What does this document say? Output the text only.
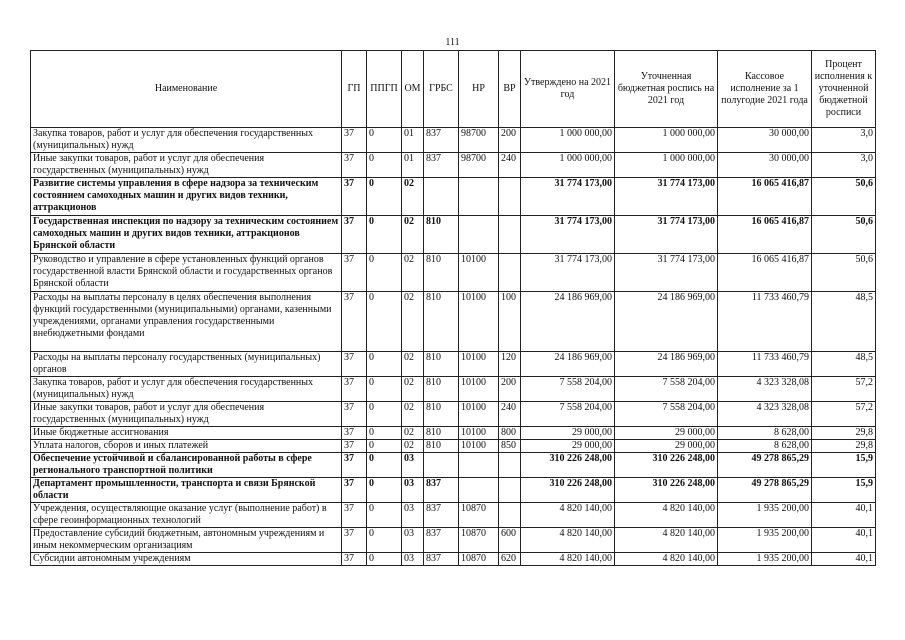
111
Наименование	ГП	ППГП	ОМ	ГРБС	НР	ВР	Утверждено на 2021 год	Уточненная бюджетная роспись на 2021 год	Кассовое исполнение за 1 полугодие 2021 года	Процент исполнения к уточненной бюджетной росписи
Закупка товаров, работ и услуг для обеспечения государственных (муниципальных) нужд	37	0	01	837	98700	200	1 000 000,00	1 000 000,00	30 000,00	3,0
Иные закупки товаров, работ и услуг для обеспечения государственных (муниципальных) нужд	37	0	01	837	98700	240	1 000 000,00	1 000 000,00	30 000,00	3,0
Развитие системы управления в сфере надзора за техническим состоянием самоходных машин и других видов техники, аттракционов	37	0	02				31 774 173,00	31 774 173,00	16 065 416,87	50,6
Государственная инспекция по надзору за техническим состоянием самоходных машин и других видов техники, аттракционов Брянской области	37	0	02	810			31 774 173,00	31 774 173,00	16 065 416,87	50,6
Руководство и управление в сфере установленных функций органов государственной власти Брянской области и государственных органов Брянской области	37	0	02	810	10100		31 774 173,00	31 774 173,00	16 065 416,87	50,6
Расходы на выплаты персоналу в целях обеспечения выполнения функций государственными (муниципальными) органами, казенными учреждениями, органами управления государственными внебюджетными фондами	37	0	02	810	10100	100	24 186 969,00	24 186 969,00	11 733 460,79	48,5
Расходы на выплаты персоналу государственных (муниципальных) органов	37	0	02	810	10100	120	24 186 969,00	24 186 969,00	11 733 460,79	48,5
Закупка товаров, работ и услуг для обеспечения государственных (муниципальных) нужд	37	0	02	810	10100	200	7 558 204,00	7 558 204,00	4 323 328,08	57,2
Иные закупки товаров, работ и услуг для обеспечения государственных (муниципальных) нужд	37	0	02	810	10100	240	7 558 204,00	7 558 204,00	4 323 328,08	57,2
Иные бюджетные ассигнования	37	0	02	810	10100	800	29 000,00	29 000,00	8 628,00	29,8
Уплата налогов, сборов и иных платежей	37	0	02	810	10100	850	29 000,00	29 000,00	8 628,00	29,8
Обеспечение устойчивой и сбалансированной работы в сфере регионального транспортной политики	37	0	03				310 226 248,00	310 226 248,00	49 278 865,29	15,9
Департамент промышленности, транспорта и связи Брянской области	37	0	03	837			310 226 248,00	310 226 248,00	49 278 865,29	15,9
Учреждения, осуществляющие оказание услуг (выполнение работ) в сфере геоинформационных технологий	37	0	03	837	10870		4 820 140,00	4 820 140,00	1 935 200,00	40,1
Предоставление субсидий бюджетным, автономным учреждениям и иным некоммерческим организациям	37	0	03	837	10870	600	4 820 140,00	4 820 140,00	1 935 200,00	40,1
Субсидии автономным учреждениям	37	0	03	837	10870	620	4 820 140,00	4 820 140,00	1 935 200,00	40,1
